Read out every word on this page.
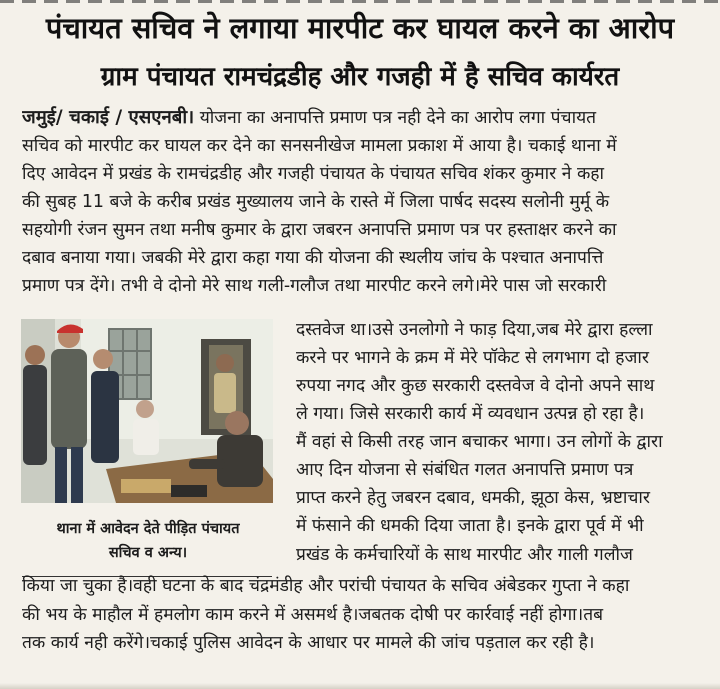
पंचायत सचिव ने लगाया मारपीट कर घायल करने का आरोप
ग्राम पंचायत रामचंद्रडीह और गजही में है सचिव कार्यरत
जमुई/ चकाई / एसएनबी। योजना का अनापत्ति प्रमाण पत्र नही देने का आरोप लगा पंचायत
सचिव को मारपीट कर घायल कर देने का सनसनीखेज मामला प्रकाश में आया है। चकाई थाना में
दिए आवेदन में प्रखंड के रामचंद्रडीह और गजही पंचायत के पंचायत सचिव शंकर कुमार ने कहा
की सुबह 11 बजे के करीब प्रखंड मुख्यालय जाने के रास्ते में जिला पार्षद सदस्य सलोनी मुर्मू के
सहयोगी रंजन सुमन तथा मनीष कुमार के द्वारा जबरन अनापत्ति प्रमाण पत्र पर हस्ताक्षर करने का
दबाव बनाया गया। जबकी मेरे द्वारा कहा गया की योजना की स्थलीय जांच के पश्चात अनापत्ति
प्रमाण पत्र देंगे। तभी वे दोनो मेरे साथ गली-गलौज तथा मारपीट करने लगे।मेरे पास जो सरकारी
दस्तवेज था।उसे उनलोगो ने फाड़ दिया,जब मेरे द्वारा हल्ला
करने पर भागने के क्रम में मेरे पॉकेट से लगभाग दो हजार
रुपया नगद और कुछ सरकारी दस्तवेज वे दोनो अपने साथ
ले गया। जिसे सरकारी कार्य में व्यवधान उत्पन्न हो रहा है।
मैं वहां से किसी तरह जान बचाकर भागा। उन लोगों के द्वारा
आए दिन योजना से संबंधित गलत अनापत्ति प्रमाण पत्र
प्राप्त करने हेतु जबरन दबाव, धमकी, झूठा केस, भ्रष्टाचार
में फंसाने की धमकी दिया जाता है। इनके द्वारा पूर्व में भी
प्रखंड के कर्मचारियों के साथ मारपीट और गाली गलौज
थाना में आवेदन देते पीड़ित पंचायत
सचिव व अन्य।
किया जा चुका है।वही घटना के बाद चंद्रमंडीह और परांची पंचायत के सचिव अंबेडकर गुप्ता ने कहा
की भय के माहौल में हमलोग काम करने में असमर्थ है।जबतक दोषी पर कार्रवाई नहीं होगा।तब
तक कार्य नही करेंगे।चकाई पुलिस आवेदन के आधार पर मामले की जांच पड़ताल कर रही है।
